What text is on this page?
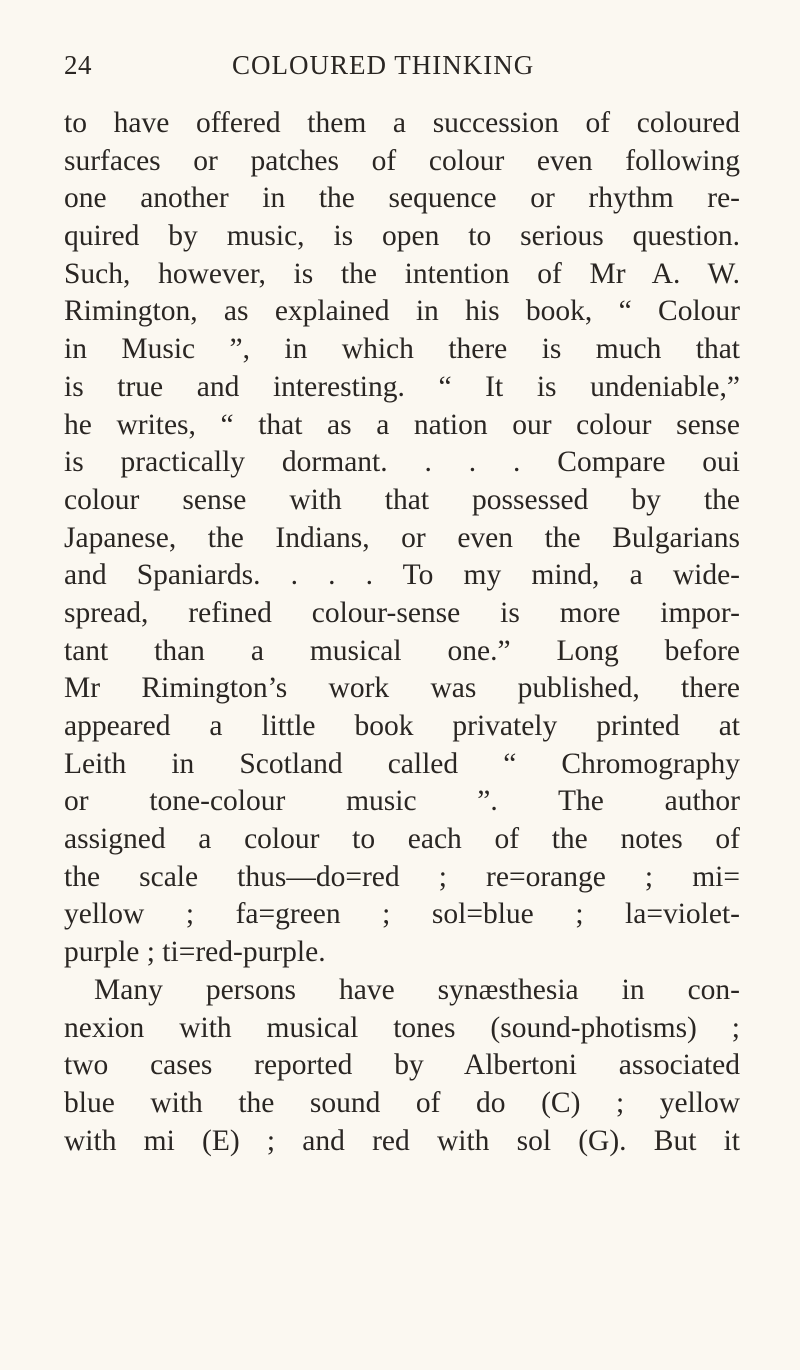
24	COLOURED THINKING
to have offered them a succession of coloured
surfaces or patches of colour even following
one another in the sequence or rhythm re-
quired by music, is open to serious question.
Such, however, is the intention of Mr A. W.
Rimington, as explained in his book, “ Colour
in Music ”, in which there is much that
is true and interesting. “ It is undeniable,”
he writes, “ that as a nation our colour sense
is practically dormant. . . . Compare oui
colour sense with that possessed by the
Japanese, the Indians, or even the Bulgarians
and Spaniards. . . . To my mind, a wide-
spread, refined colour-sense is more impor-
tant than a musical one.” Long before
Mr Rimington’s work was published, there
appeared a little book privately printed at
Leith in Scotland called “ Chromography
or tone-colour music ”. The author
assigned a colour to each of the notes of
the scale thus—do=red ; re=orange ; mi=
yellow ; fa=green ; sol=blue ; la=violet-
purple ; ti=red-purple.
Many persons have synæsthesia in con-
nexion with musical tones (sound-photisms) ;
two cases reported by Albertoni associated
blue with the sound of do (C) ; yellow
with mi (E) ; and red with sol (G). But it
